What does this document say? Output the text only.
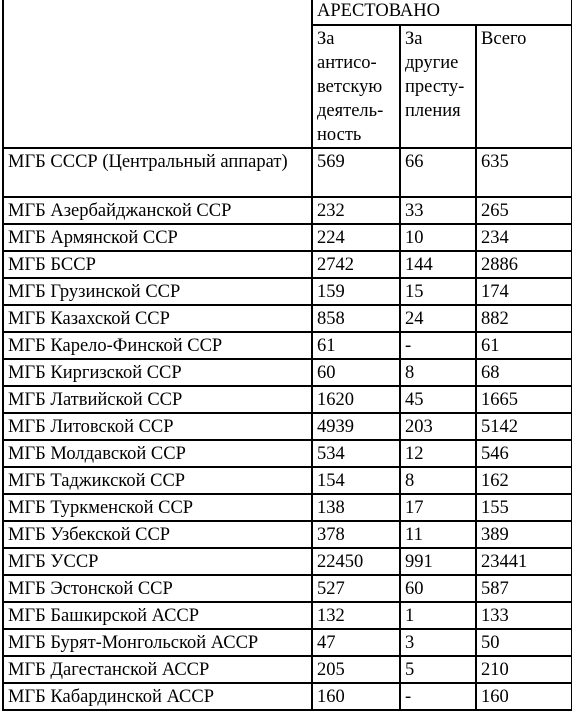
	АРЕСТОВАНО		
	За
антисо-
ветскую
деятель-
ность	За
другие
престу-
пления	Всего
МГБ СССР (Центральный аппарат)	569	66	635
МГБ Азербайджанской ССР	232	33	265
МГБ Армянской ССР	224	10	234
МГБ БССР	2742	144	2886
МГБ Грузинской ССР	159	15	174
МГБ Казахской ССР	858	24	882
МГБ Карело-Финской ССР	61	-	61
МГБ Киргизской ССР	60	8	68
МГБ Латвийской ССР	1620	45	1665
МГБ Литовской ССР	4939	203	5142
МГБ Молдавской ССР	534	12	546
МГБ Таджикской ССР	154	8	162
МГБ Туркменской ССР	138	17	155
МГБ Узбекской ССР	378	11	389
МГБ УССР	22450	991	23441
МГБ Эстонской ССР	527	60	587
МГБ Башкирской АССР	132	1	133
МГБ Бурят-Монгольской АССР	47	3	50
МГБ Дагестанской АССР	205	5	210
МГБ Кабардинской АССР	160	-	160
